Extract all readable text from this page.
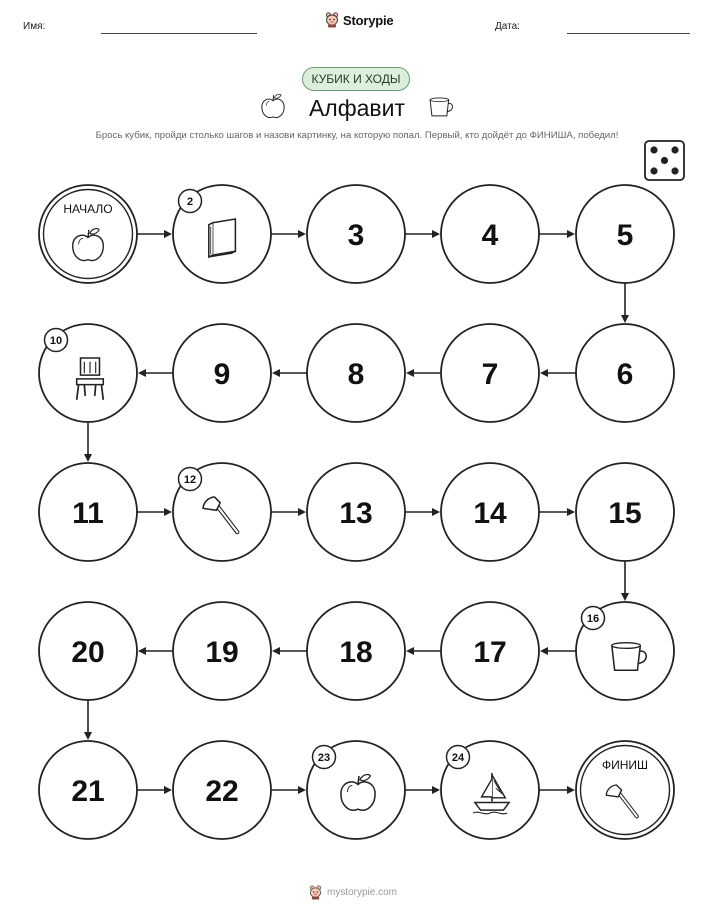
Имя:	Storypie	Дата:
КУБИК И ХОДЫ
Алфавит
Брось кубик, пройди столько шагов и назови картинку, на которую попал. Первый, кто дойдёт до ФИНИША, победил!
НАЧАЛО	2
3	4	5
6
7
8
9
10
11
12
13	14	15
16
17
18
19
20
21	22
23	24	ФИНИШ
mystorypie.com
